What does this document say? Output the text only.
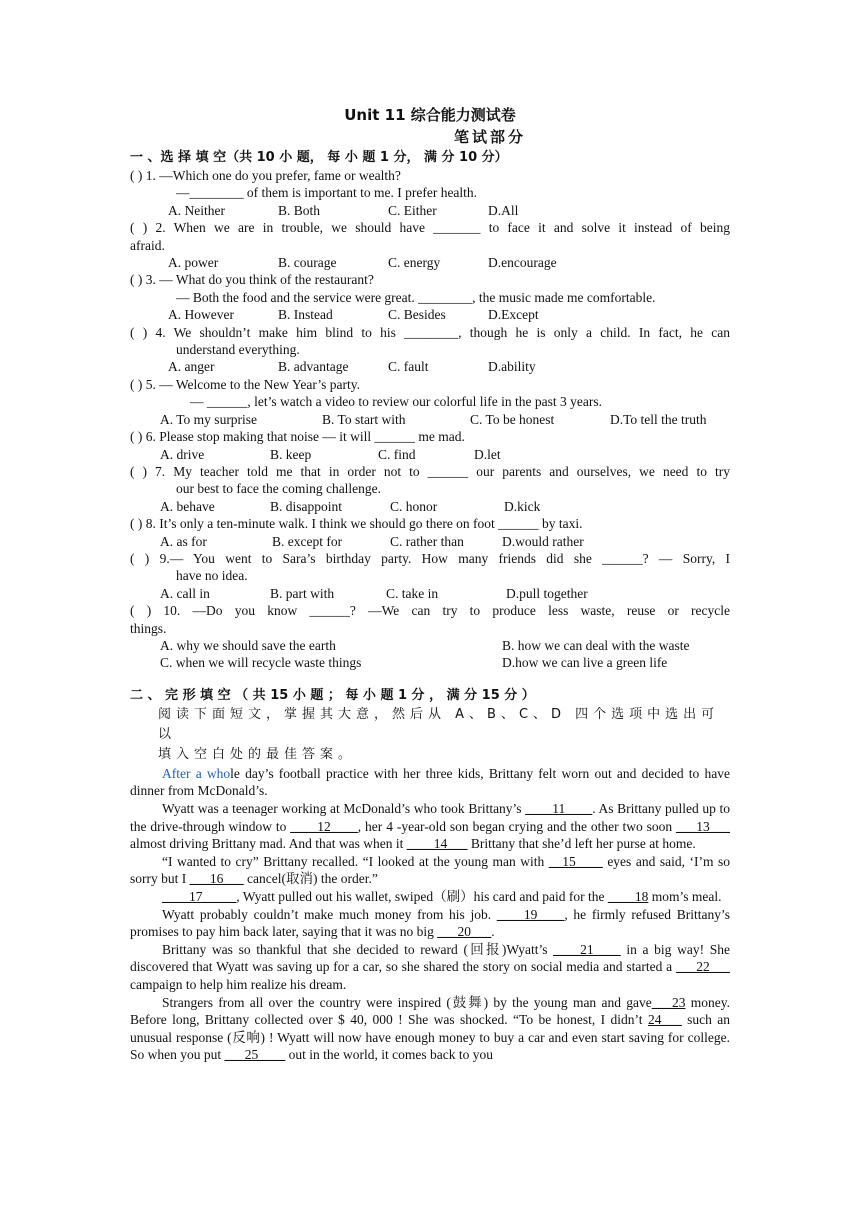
Unit 11 综合能力测试卷

笔试部分

一 、选 择 填 空（共 10 小 题， 每 小 题 1 分， 满 分 10 分）

( ) 1. —Which one do you prefer, fame or wealth?

—________ of them is important to me. I prefer health.

A. Neither	B. Both	C. Either	D.All

( ) 2. When we are in trouble, we should have _______ to face it and solve it instead of being

afraid.

A. power	B. courage	C. energy	D.encourage

( ) 3. — What do you think of the restaurant?

— Both the food and the service were great. ________, the music made me comfortable.

A. However	B. Instead	C. Besides	D.Except

( ) 4. We shouldn’t make him blind to his ________, though he is only a child. In fact, he can

understand everything.

A. anger	B. advantage	C. fault	D.ability

( ) 5. — Welcome to the New Year’s party.

— ______, let’s watch a video to review our colorful life in the past 3 years.

A. To my surprise	B. To start with	C. To be honest	D.To tell the truth

( ) 6. Please stop making that noise — it will ______ me mad.

A. drive	B. keep	C. find	D.let

( ) 7. My teacher told me that in order not to ______ our parents and ourselves, we need to try

our best to face the coming challenge.

A. behave	B. disappoint	C. honor	D.kick

( ) 8. It’s only a ten-minute walk. I think we should go there on foot ______ by taxi.

A. as for	B. except for	C. rather than	D.would rather

( ) 9.— You went to Sara’s birthday party. How many friends did she ______? — Sorry, I

have no idea.

A. call in	B. part with	C. take in	D.pull together

( ) 10. —Do you know ______? —We can try to produce less waste, reuse or recycle

things.

A. why we should save the earth	B. how we can deal with the waste

C. when we will recycle waste things	D.how we can live a green life

二 、 完 形 填 空 （ 共 15 小 题 ； 每 小 题 1 分 ， 满 分 15 分 ）

阅读下面短文，掌握其大意，然后从 A、B、C、D 四个选项中选出可以

填入空白处的最佳答案。

After a whole day’s football practice with her three kids, Brittany felt worn out and decided to have dinner from McDonald’s.

Wyatt was a teenager working at McDonald’s who took Brittany’s ____11____. As Brittany pulled up to the drive-through window to ____12____, her 4 -year-old son began crying and the other two soon ___13___ almost driving Brittany mad. And that was when it ____14___ Brittany that she’d left her purse at home.

“I wanted to cry” Brittany recalled. “I looked at the young man with __15____ eyes and said, ‘I’m so sorry but I ___16___ cancel(取消) the order.”

____17_____, Wyatt pulled out his wallet, swiped（刷）his card and paid for the ____18 mom’s meal.

Wyatt probably couldn’t make much money from his job. ____19____, he firmly refused Brittany’s promises to pay him back later, saying that it was no big ___20___.

Brittany was so thankful that she decided to reward (回报)Wyatt’s ____21____ in a big way! She discovered that Wyatt was saving up for a car, so she shared the story on social media and started a ___22___ campaign to help him realize his dream.

Strangers from all over the country were inspired (鼓舞) by the young man and gave___23 money. Before long, Brittany collected over $ 40, 000 ! She was shocked. “To be honest, I didn’t 24___ such an unusual response (反响) ! Wyatt will now have enough money to buy a car and even start saving for college. So when you put ___25____ out in the world, it comes back to you
